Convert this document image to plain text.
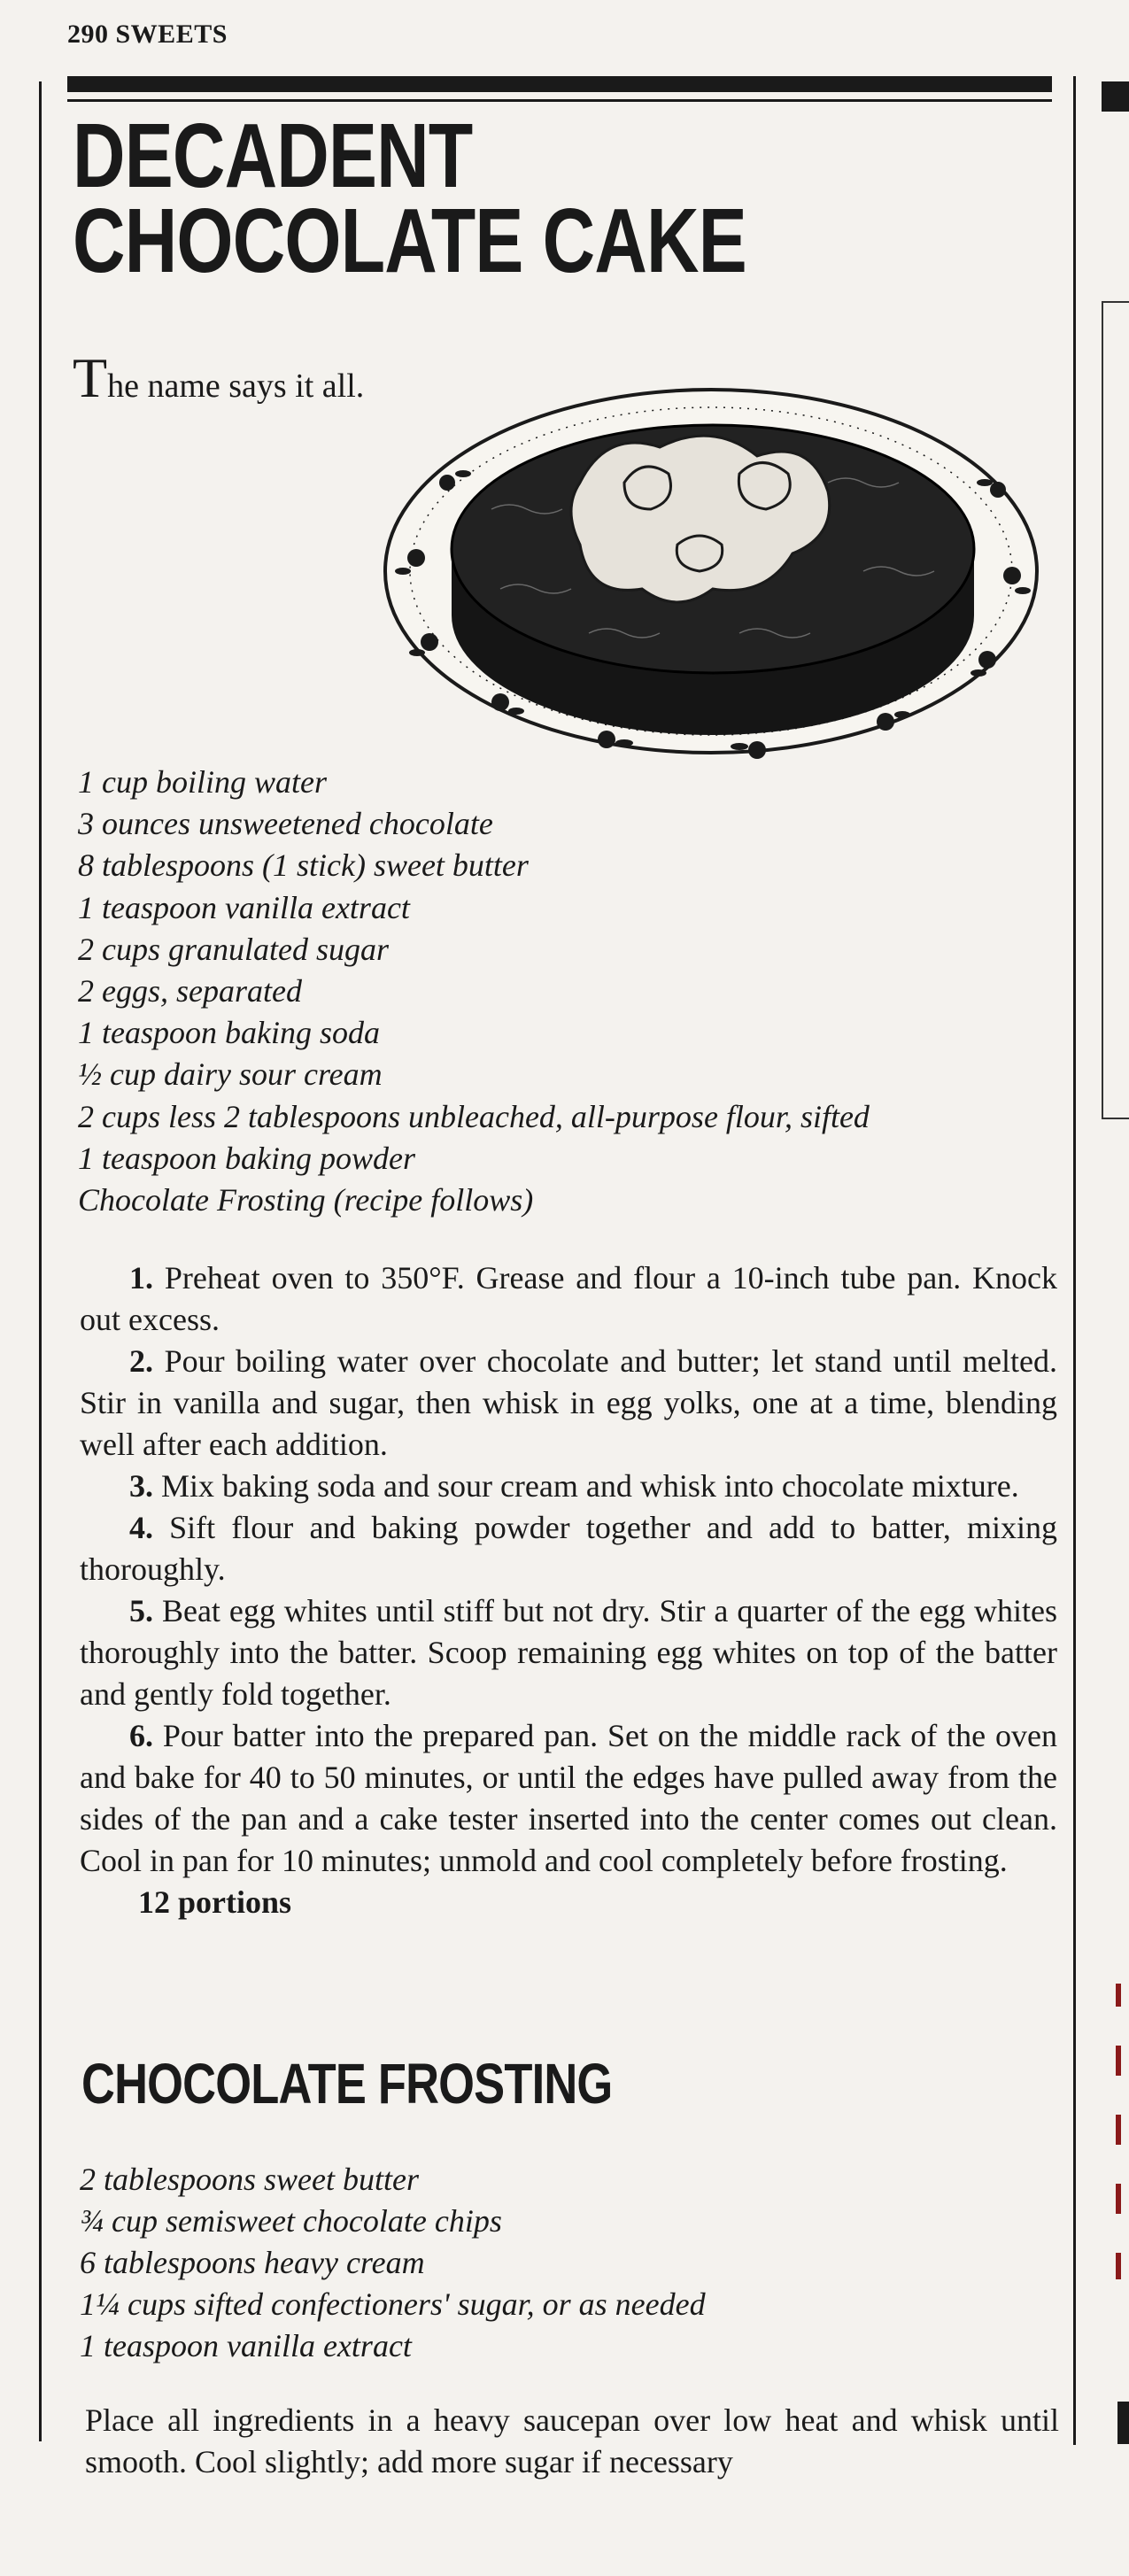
290 SWEETS
DECADENT
CHOCOLATE CAKE
The name says it all.
1 cup boiling water
3 ounces unsweetened chocolate
8 tablespoons (1 stick) sweet butter
1 teaspoon vanilla extract
2 cups granulated sugar
2 eggs, separated
1 teaspoon baking soda
½ cup dairy sour cream
2 cups less 2 tablespoons unbleached, all-purpose flour, sifted
1 teaspoon baking powder
Chocolate Frosting (recipe follows)

1. Preheat oven to 350°F. Grease and flour a 10-inch tube pan. Knock out excess.

2. Pour boiling water over chocolate and butter; let stand until melted. Stir in vanilla and sugar, then whisk in egg yolks, one at a time, blending well after each addition.

3. Mix baking soda and sour cream and whisk into chocolate mixture.

4. Sift flour and baking powder together and add to batter, mixing thoroughly.

5. Beat egg whites until stiff but not dry. Stir a quarter of the egg whites thoroughly into the batter. Scoop remaining egg whites on top of the batter and gently fold together.

6. Pour batter into the prepared pan. Set on the middle rack of the oven and bake for 40 to 50 minutes, or until the edges have pulled away from the sides of the pan and a cake tester inserted into the center comes out clean. Cool in pan for 10 minutes; unmold and cool completely before frosting.

12 portions
CHOCOLATE FROSTING
2 tablespoons sweet butter
¾ cup semisweet chocolate chips
6 tablespoons heavy cream
1¼ cups sifted confectioners' sugar, or as needed
1 teaspoon vanilla extract

Place all ingredients in a heavy saucepan over low heat and whisk until smooth. Cool slightly; add more sugar if necessary
